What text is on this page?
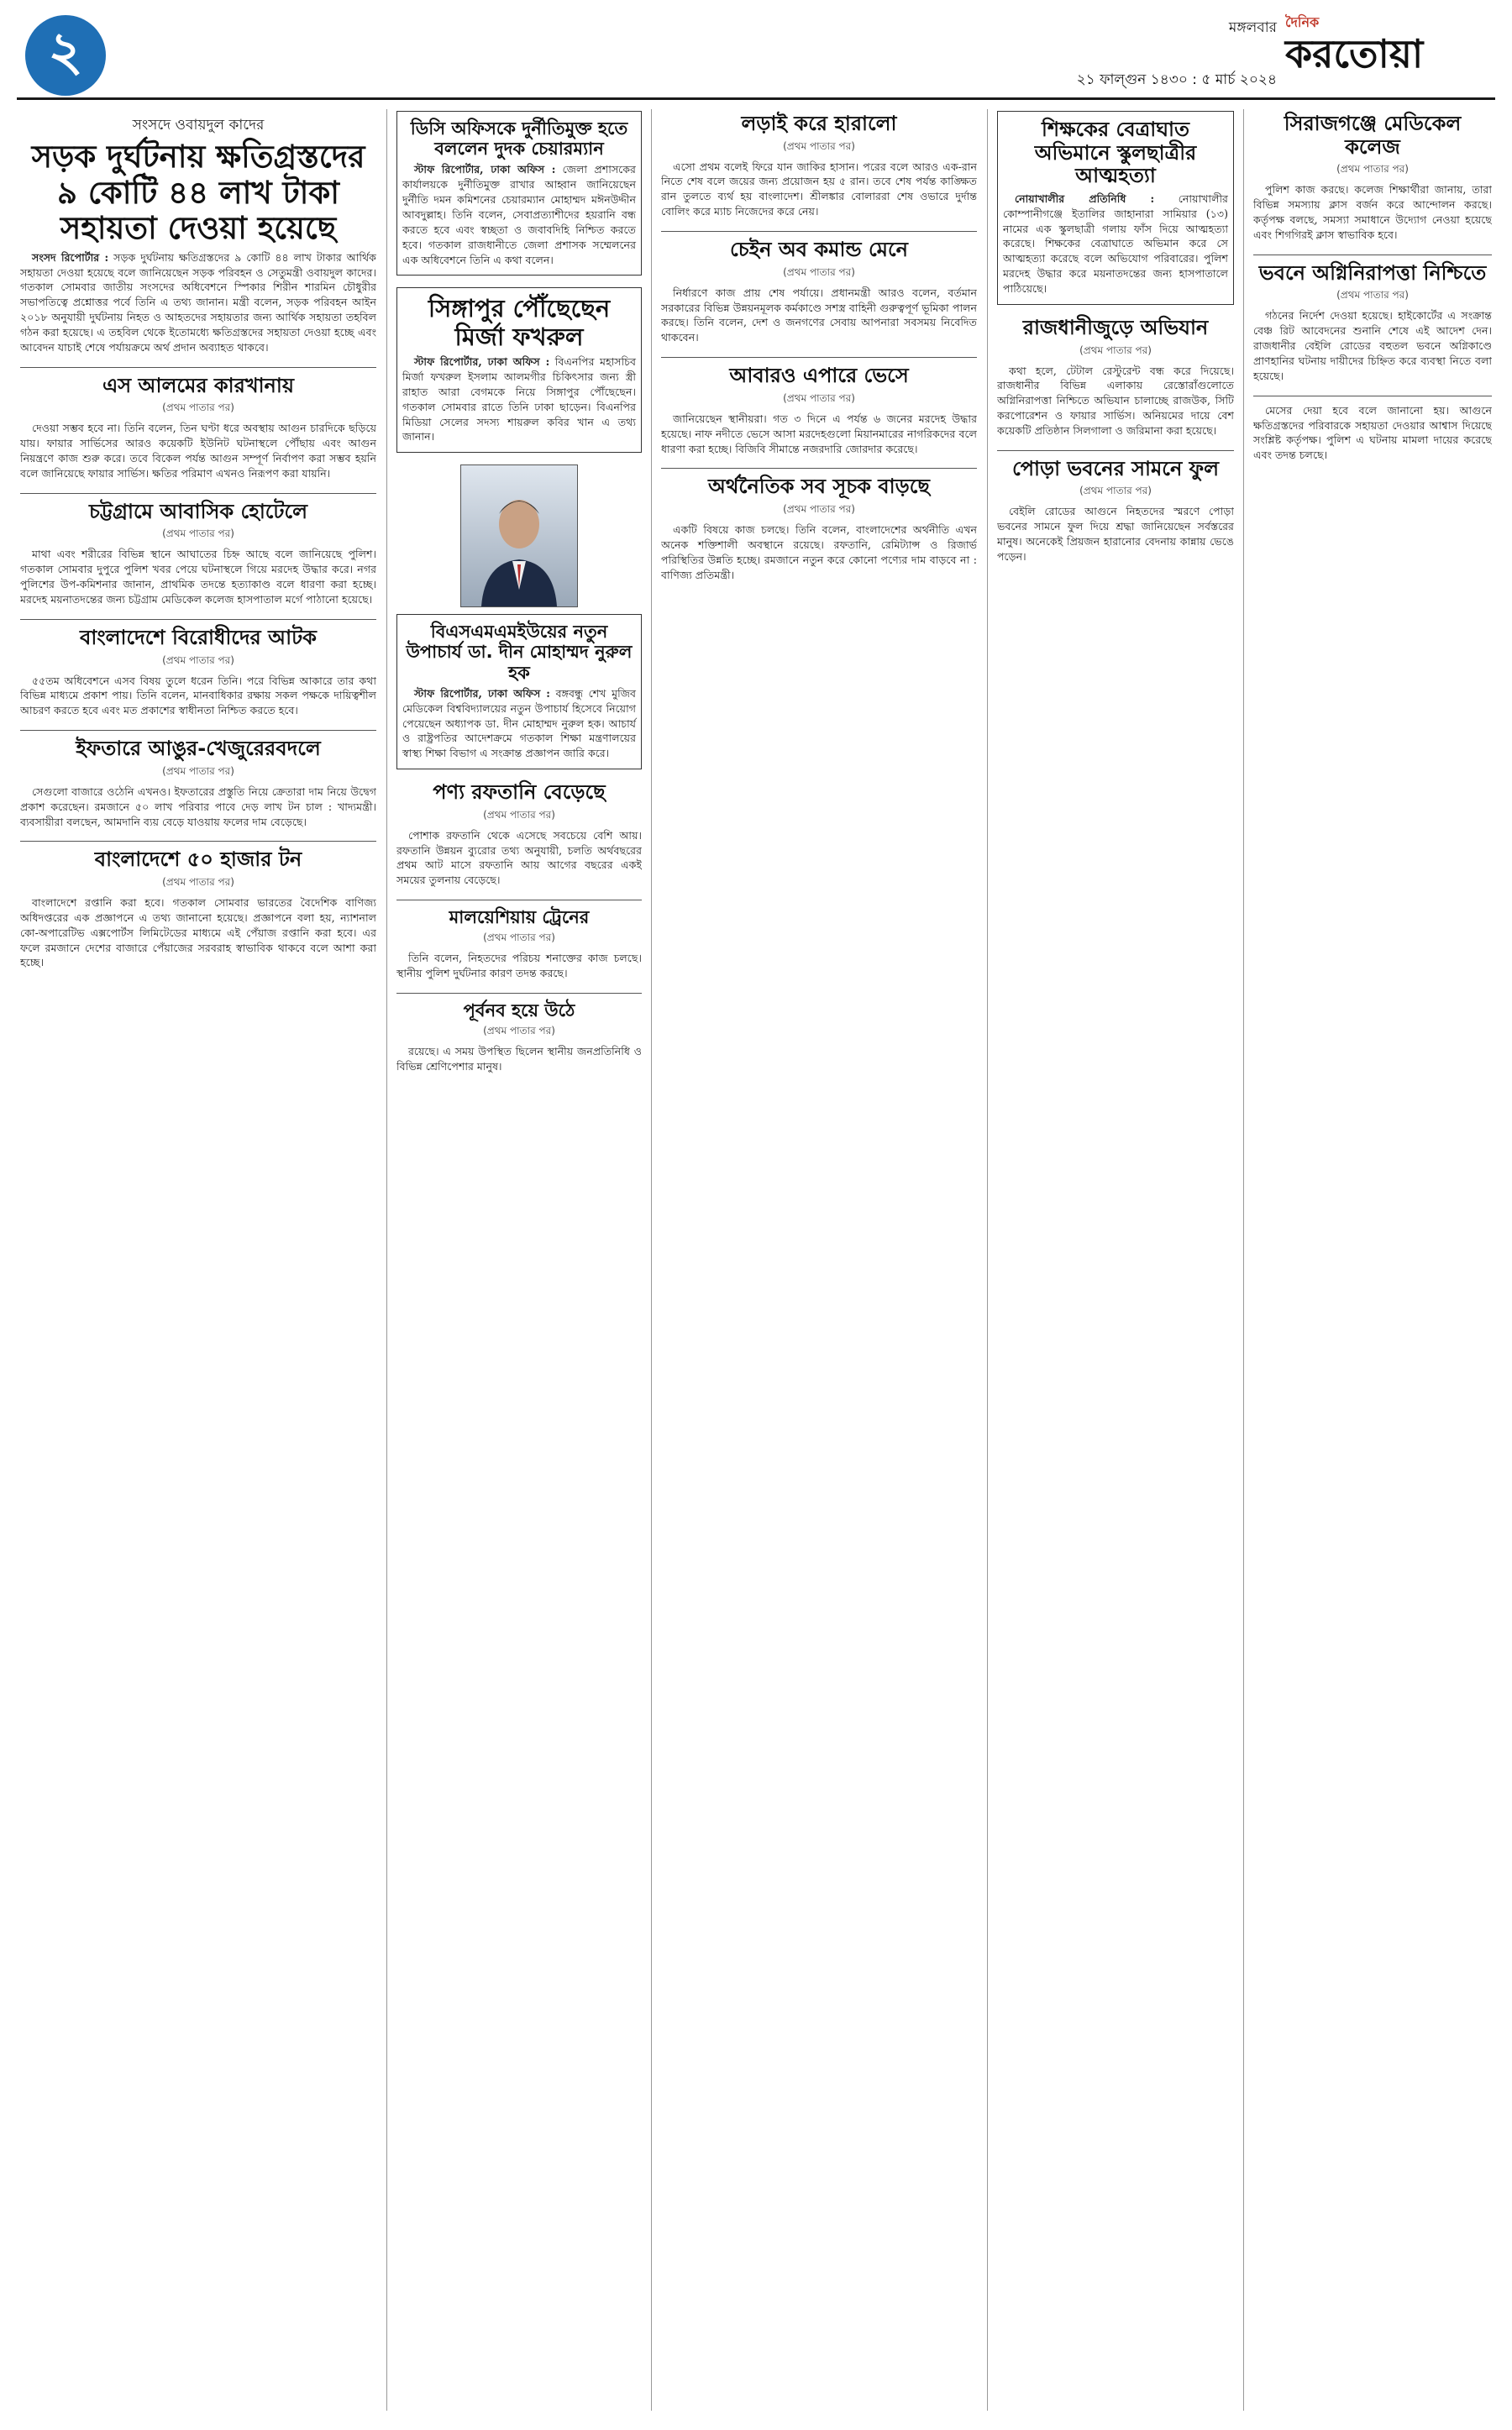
২	মঙ্গলবার
২১ ফাল্গুন ১৪৩০ : ৫ মার্চ ২০২৪
দৈনিক
করতোয়া
সংসদে ওবায়দুল কাদের
সড়ক দুর্ঘটনায় ক্ষতিগ্রস্তদের ৯ কোটি ৪৪ লাখ টাকা সহায়তা দেওয়া হয়েছে

সংসদ রিপোর্টার : সড়ক দুর্ঘটনায় ক্ষতিগ্রস্তদের ৯ কোটি ৪৪ লাখ টাকার আর্থিক সহায়তা দেওয়া হয়েছে বলে জানিয়েছেন সড়ক পরিবহন ও সেতুমন্ত্রী ওবায়দুল কাদের। গতকাল সোমবার জাতীয় সংসদের অধিবেশনে স্পিকার শিরীন শারমিন চৌধুরীর সভাপতিত্বে প্রশ্নোত্তর পর্বে তিনি এ তথ্য জানান। মন্ত্রী বলেন, সড়ক পরিবহন আইন ২০১৮ অনুযায়ী দুর্ঘটনায় নিহত ও আহতদের সহায়তার জন্য আর্থিক সহায়তা তহবিল গঠন করা হয়েছে। এ তহবিল থেকে ইতোমধ্যে ক্ষতিগ্রস্তদের সহায়তা দেওয়া হচ্ছে এবং আবেদন যাচাই শেষে পর্যায়ক্রমে অর্থ প্রদান অব্যাহত থাকবে।

এস আলমের কারখানায়
(প্রথম পাতার পর)

দেওয়া সম্ভব হবে না। তিনি বলেন, তিন ঘণ্টা ধরে অবস্থায় আগুন চারদিকে ছড়িয়ে যায়। ফায়ার সার্ভিসের আরও কয়েকটি ইউনিট ঘটনাস্থলে পৌঁছায় এবং আগুন নিয়ন্ত্রণে কাজ শুরু করে। তবে বিকেল পর্যন্ত আগুন সম্পূর্ণ নির্বাপণ করা সম্ভব হয়নি বলে জানিয়েছে ফায়ার সার্ভিস। ক্ষতির পরিমাণ এখনও নিরূপণ করা যায়নি।

চট্টগ্রামে আবাসিক হোটেলে
(প্রথম পাতার পর)

মাথা এবং শরীরের বিভিন্ন স্থানে আঘাতের চিহ্ন আছে বলে জানিয়েছে পুলিশ। গতকাল সোমবার দুপুরে পুলিশ খবর পেয়ে ঘটনাস্থলে গিয়ে মরদেহ উদ্ধার করে। নগর পুলিশের উপ-কমিশনার জানান, প্রাথমিক তদন্তে হত্যাকাণ্ড বলে ধারণা করা হচ্ছে। মরদেহ ময়নাতদন্তের জন্য চট্টগ্রাম মেডিকেল কলেজ হাসপাতাল মর্গে পাঠানো হয়েছে।

বাংলাদেশে বিরোধীদের আটক
(প্রথম পাতার পর)

৫৫তম অধিবেশনে এসব বিষয় তুলে ধরেন তিনি। পরে বিভিন্ন আকারে তার কথা বিভিন্ন মাধ্যমে প্রকাশ পায়। তিনি বলেন, মানবাধিকার রক্ষায় সকল পক্ষকে দায়িত্বশীল আচরণ করতে হবে এবং মত প্রকাশের স্বাধীনতা নিশ্চিত করতে হবে।

ইফতারে আঙুর-খেজুরেরবদলে
(প্রথম পাতার পর)

সেগুলো বাজারে ওঠেনি এখনও। ইফতারের প্রস্তুতি নিয়ে ক্রেতারা দাম নিয়ে উদ্বেগ প্রকাশ করেছেন। রমজানে ৫০ লাখ পরিবার পাবে দেড় লাখ টন চাল : খাদ্যমন্ত্রী। ব্যবসায়ীরা বলছেন, আমদানি ব্যয় বেড়ে যাওয়ায় ফলের দাম বেড়েছে।

বাংলাদেশে ৫০ হাজার টন
(প্রথম পাতার পর)

বাংলাদেশে রপ্তানি করা হবে। গতকাল সোমবার ভারতের বৈদেশিক বাণিজ্য অধিদপ্তরের এক প্রজ্ঞাপনে এ তথ্য জানানো হয়েছে। প্রজ্ঞাপনে বলা হয়, ন্যাশনাল কো-অপারেটিভ এক্সপোর্টস লিমিটেডের মাধ্যমে এই পেঁয়াজ রপ্তানি করা হবে। এর ফলে রমজানে দেশের বাজারে পেঁয়াজের সরবরাহ স্বাভাবিক থাকবে বলে আশা করা হচ্ছে।

ডিসি অফিসকে দুর্নীতিমুক্ত হতে বললেন দুদক চেয়ারম্যান

স্টাফ রিপোর্টার, ঢাকা অফিস : জেলা প্রশাসকের কার্যালয়কে দুর্নীতিমুক্ত রাখার আহ্বান জানিয়েছেন দুর্নীতি দমন কমিশনের চেয়ারম্যান মোহাম্মদ মঈনউদ্দীন আবদুল্লাহ। তিনি বলেন, সেবাপ্রত্যাশীদের হয়রানি বন্ধ করতে হবে এবং স্বচ্ছতা ও জবাবদিহি নিশ্চিত করতে হবে। গতকাল রাজধানীতে জেলা প্রশাসক সম্মেলনের এক অধিবেশনে তিনি এ কথা বলেন।

সিঙ্গাপুর পৌঁছেছেন মির্জা ফখরুল

স্টাফ রিপোর্টার, ঢাকা অফিস : বিএনপির মহাসচিব মির্জা ফখরুল ইসলাম আলমগীর চিকিৎসার জন্য স্ত্রী রাহাত আরা বেগমকে নিয়ে সিঙ্গাপুর পৌঁছেছেন। গতকাল সোমবার রাতে তিনি ঢাকা ছাড়েন। বিএনপির মিডিয়া সেলের সদস্য শায়রুল কবির খান এ তথ্য জানান।

বিএসএমএমইউয়ের নতুন উপাচার্য ডা. দীন মোহাম্মদ নুরুল হক

স্টাফ রিপোর্টার, ঢাকা অফিস : বঙ্গবন্ধু শেখ মুজিব মেডিকেল বিশ্ববিদ্যালয়ের নতুন উপাচার্য হিসেবে নিয়োগ পেয়েছেন অধ্যাপক ডা. দীন মোহাম্মদ নুরুল হক। আচার্য ও রাষ্ট্রপতির আদেশক্রমে গতকাল শিক্ষা মন্ত্রণালয়ের স্বাস্থ্য শিক্ষা বিভাগ এ সংক্রান্ত প্রজ্ঞাপন জারি করে।

পণ্য রফতানি বেড়েছে
(প্রথম পাতার পর)

পোশাক রফতানি থেকে এসেছে সবচেয়ে বেশি আয়। রফতানি উন্নয়ন ব্যুরোর তথ্য অনুযায়ী, চলতি অর্থবছরের প্রথম আট মাসে রফতানি আয় আগের বছরের একই সময়ের তুলনায় বেড়েছে।

মালয়েশিয়ায় ট্রেনের
(প্রথম পাতার পর)

তিনি বলেন, নিহতদের পরিচয় শনাক্তের কাজ চলছে। স্থানীয় পুলিশ দুর্ঘটনার কারণ তদন্ত করছে।

পূর্বনব হয়ে উঠে
(প্রথম পাতার পর)

রয়েছে। এ সময় উপস্থিত ছিলেন স্থানীয় জনপ্রতিনিধি ও বিভিন্ন শ্রেণিপেশার মানুষ।

লড়াই করে হারালো
(প্রথম পাতার পর)

এসো প্রথম বলেই ফিরে যান জাকির হাসান। পরের বলে আরও এক-রান নিতে শেষ বলে জয়ের জন্য প্রয়োজন হয় ৫ রান। তবে শেষ পর্যন্ত কাঙ্ক্ষিত রান তুলতে ব্যর্থ হয় বাংলাদেশ। শ্রীলঙ্কার বোলাররা শেষ ওভারে দুর্দান্ত বোলিং করে ম্যাচ নিজেদের করে নেয়।

চেইন অব কমান্ড মেনে
(প্রথম পাতার পর)

নির্ধারণে কাজ প্রায় শেষ পর্যায়ে। প্রধানমন্ত্রী আরও বলেন, বর্তমান সরকারের বিভিন্ন উন্নয়নমূলক কর্মকাণ্ডে সশস্ত্র বাহিনী গুরুত্বপূর্ণ ভূমিকা পালন করছে। তিনি বলেন, দেশ ও জনগণের সেবায় আপনারা সবসময় নিবেদিত থাকবেন।

আবারও এপারে ভেসে
(প্রথম পাতার পর)

জানিয়েছেন স্থানীয়রা। গত ৩ দিনে এ পর্যন্ত ৬ জনের মরদেহ উদ্ধার হয়েছে। নাফ নদীতে ভেসে আসা মরদেহগুলো মিয়ানমারের নাগরিকদের বলে ধারণা করা হচ্ছে। বিজিবি সীমান্তে নজরদারি জোরদার করেছে।

অর্থনৈতিক সব সূচক বাড়ছে
(প্রথম পাতার পর)

একটি বিষয়ে কাজ চলছে। তিনি বলেন, বাংলাদেশের অর্থনীতি এখন অনেক শক্তিশালী অবস্থানে রয়েছে। রফতানি, রেমিট্যান্স ও রিজার্ভ পরিস্থিতির উন্নতি হচ্ছে। রমজানে নতুন করে কোনো পণ্যের দাম বাড়বে না : বাণিজ্য প্রতিমন্ত্রী।

শিক্ষকের বেত্রাঘাত অভিমানে স্কুলছাত্রীর আত্মহত্যা

নোয়াখালীর প্রতিনিধি : নোয়াখালীর কোম্পানীগঞ্জে ইতালির জাহানারা সামিয়ার (১৩) নামের এক স্কুলছাত্রী গলায় ফাঁস দিয়ে আত্মহত্যা করেছে। শিক্ষকের বেত্রাঘাতে অভিমান করে সে আত্মহত্যা করেছে বলে অভিযোগ পরিবারের। পুলিশ মরদেহ উদ্ধার করে ময়নাতদন্তের জন্য হাসপাতালে পাঠিয়েছে।

রাজধানীজুড়ে অভিযান
(প্রথম পাতার পর)

কথা হলে, টেটাল রেস্টুরেন্ট বন্ধ করে দিয়েছে। রাজধানীর বিভিন্ন এলাকায় রেস্তোরাঁগুলোতে অগ্নিনিরাপত্তা নিশ্চিতে অভিযান চালাচ্ছে রাজউক, সিটি করপোরেশন ও ফায়ার সার্ভিস। অনিয়মের দায়ে বেশ কয়েকটি প্রতিষ্ঠান সিলগালা ও জরিমানা করা হয়েছে।

পোড়া ভবনের সামনে ফুল
(প্রথম পাতার পর)

বেইলি রোডের আগুনে নিহতদের স্মরণে পোড়া ভবনের সামনে ফুল দিয়ে শ্রদ্ধা জানিয়েছেন সর্বস্তরের মানুষ। অনেকেই প্রিয়জন হারানোর বেদনায় কান্নায় ভেঙে পড়েন।

সিরাজগঞ্জে মেডিকেল কলেজ
(প্রথম পাতার পর)

পুলিশ কাজ করছে। কলেজ শিক্ষার্থীরা জানায়, তারা বিভিন্ন সমস্যায় ক্লাস বর্জন করে আন্দোলন করছে। কর্তৃপক্ষ বলছে, সমস্যা সমাধানে উদ্যোগ নেওয়া হয়েছে এবং শিগগিরই ক্লাস স্বাভাবিক হবে।

ভবনে অগ্নিনিরাপত্তা নিশ্চিতে
(প্রথম পাতার পর)

গঠনের নির্দেশ দেওয়া হয়েছে। হাইকোর্টের এ সংক্রান্ত বেঞ্চ রিট আবেদনের শুনানি শেষে এই আদেশ দেন। রাজধানীর বেইলি রোডের বহুতল ভবনে অগ্নিকাণ্ডে প্রাণহানির ঘটনায় দায়ীদের চিহ্নিত করে ব্যবস্থা নিতে বলা হয়েছে।

মেসের দেয়া হবে বলে জানানো হয়। আগুনে ক্ষতিগ্রস্তদের পরিবারকে সহায়তা দেওয়ার আশ্বাস দিয়েছে সংশ্লিষ্ট কর্তৃপক্ষ। পুলিশ এ ঘটনায় মামলা দায়ের করেছে এবং তদন্ত চলছে।
